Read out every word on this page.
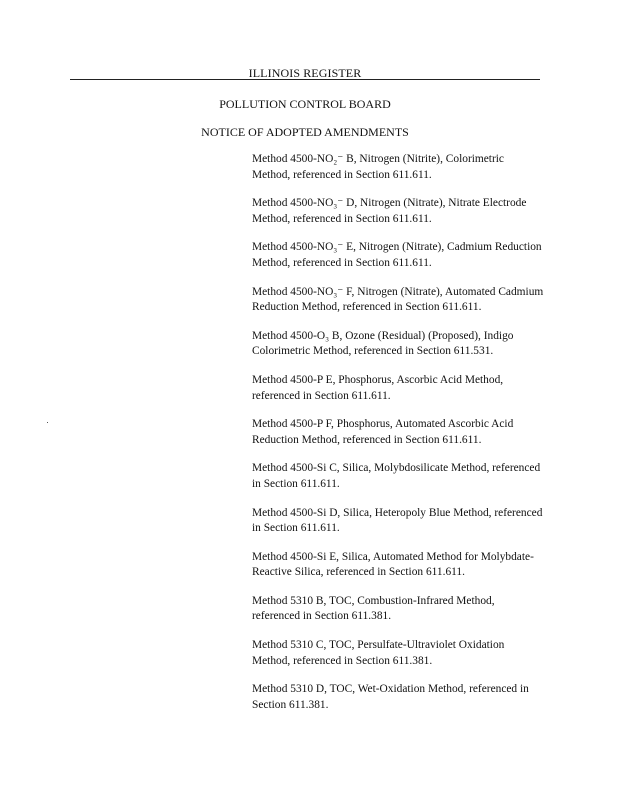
ILLINOIS REGISTER
POLLUTION CONTROL BOARD
NOTICE OF ADOPTED AMENDMENTS
Method 4500-NO₂⁻ B, Nitrogen (Nitrite), Colorimetric Method, referenced in Section 611.611.
Method 4500-NO₃⁻ D, Nitrogen (Nitrate), Nitrate Electrode Method, referenced in Section 611.611.
Method 4500-NO₃⁻ E, Nitrogen (Nitrate), Cadmium Reduction Method, referenced in Section 611.611.
Method 4500-NO₃⁻ F, Nitrogen (Nitrate), Automated Cadmium Reduction Method, referenced in Section 611.611.
Method 4500-O₃ B, Ozone (Residual) (Proposed), Indigo Colorimetric Method, referenced in Section 611.531.
Method 4500-P E, Phosphorus, Ascorbic Acid Method, referenced in Section 611.611.
Method 4500-P F, Phosphorus, Automated Ascorbic Acid Reduction Method, referenced in Section 611.611.
Method 4500-Si C, Silica, Molybdosilicate Method, referenced in Section 611.611.
Method 4500-Si D, Silica, Heteropoly Blue Method, referenced in Section 611.611.
Method 4500-Si E, Silica, Automated Method for Molybdate-Reactive Silica, referenced in Section 611.611.
Method 5310 B, TOC, Combustion-Infrared Method, referenced in Section 611.381.
Method 5310 C, TOC, Persulfate-Ultraviolet Oxidation Method, referenced in Section 611.381.
Method 5310 D, TOC, Wet-Oxidation Method, referenced in Section 611.381.
